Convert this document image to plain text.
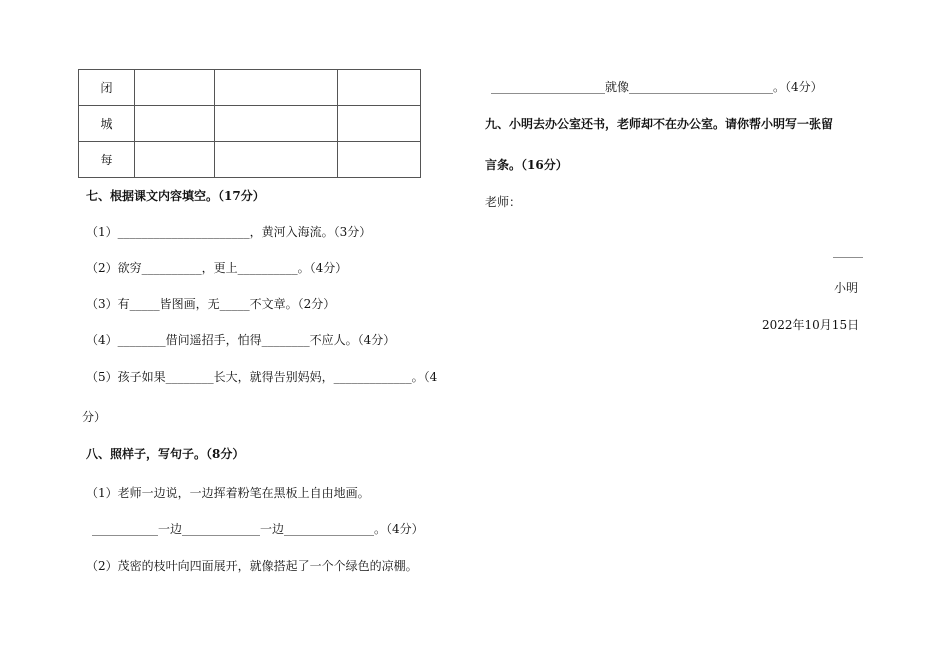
闭			
城			
每			
七、根据课文内容填空。（17分）
（1）______________________，黄河入海流。（3分）
（2）欲穷__________，更上__________。（4分）
（3）有_____皆图画，无_____不文章。（2分）
（4）________借问遥招手，怕得________不应人。（4分）
（5）孩子如果________长大，就得告别妈妈，_____________。（4
分）
八、照样子，写句子。（8分）
（1）老师一边说，一边挥着粉笔在黑板上自由地画。
___________一边_____________一边_______________。（4分）
（2）茂密的枝叶向四面展开，就像搭起了一个个绿色的凉棚。
___________________就像________________________。（4分）
九、小明去办公室还书，老师却不在办公室。请你帮小明写一张留
言条。（16分）
老师：
_____
小明
2022年10月15日
